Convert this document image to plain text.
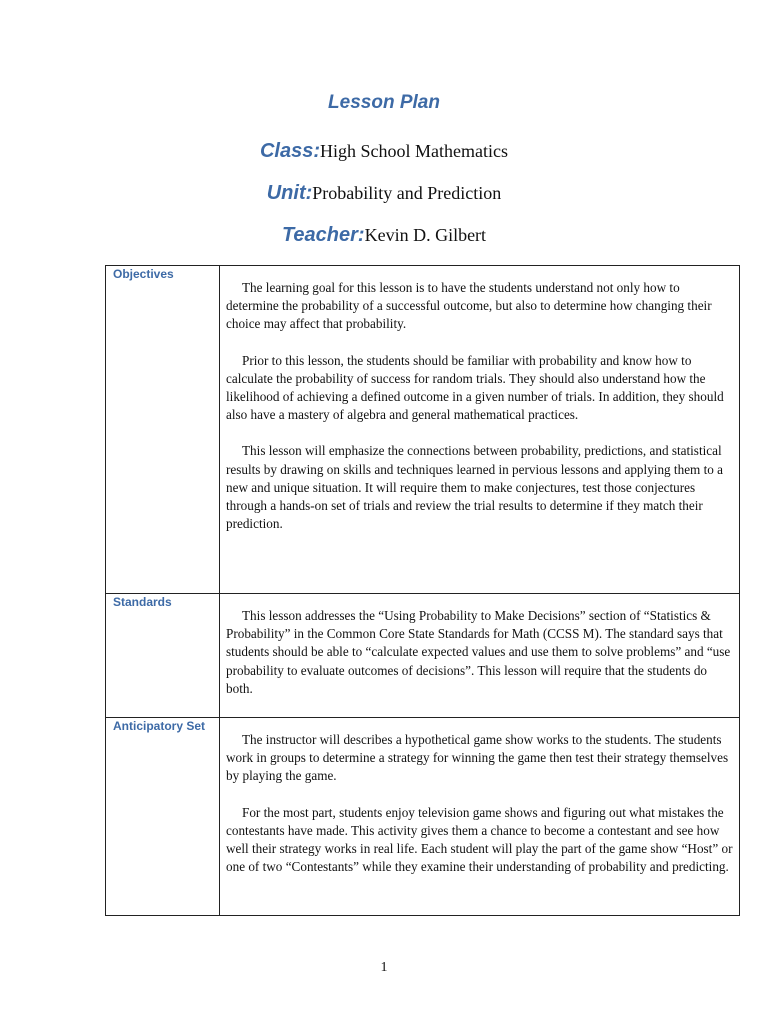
Lesson Plan
Class:High School Mathematics
Unit:Probability and Prediction
Teacher:Kevin D. Gilbert
Objectives	The learning goal for this lesson is to have the students understand not only how to determine the probability of a successful outcome, but also to determine how changing their choice may affect that probability.

Prior to this lesson, the students should be familiar with probability and know how to calculate the probability of success for random trials. They should also understand how the likelihood of achieving a defined outcome in a given number of trials. In addition, they should also have a mastery of algebra and general mathematical practices.

This lesson will emphasize the connections between probability, predictions, and statistical results by drawing on skills and techniques learned in pervious lessons and applying them to a new and unique situation. It will require them to make conjectures, test those conjectures through a hands-on set of trials and review the trial results to determine if they match their prediction.

Standards	This lesson addresses the “Using Probability to Make Decisions” section of “Statistics & Probability” in the Common Core State Standards for Math (CCSS M). The standard says that students should be able to “calculate expected values and use them to solve problems” and “use probability to evaluate outcomes of decisions”. This lesson will require that the students do both.

Anticipatory Set	The instructor will describes a hypothetical game show works to the students. The students work in groups to determine a strategy for winning the game then test their strategy themselves by playing the game.

For the most part, students enjoy television game shows and figuring out what mistakes the contestants have made. This activity gives them a chance to become a contestant and see how well their strategy works in real life. Each student will play the part of the game show “Host” or one of two “Contestants” while they examine their understanding of probability and predicting.

1
